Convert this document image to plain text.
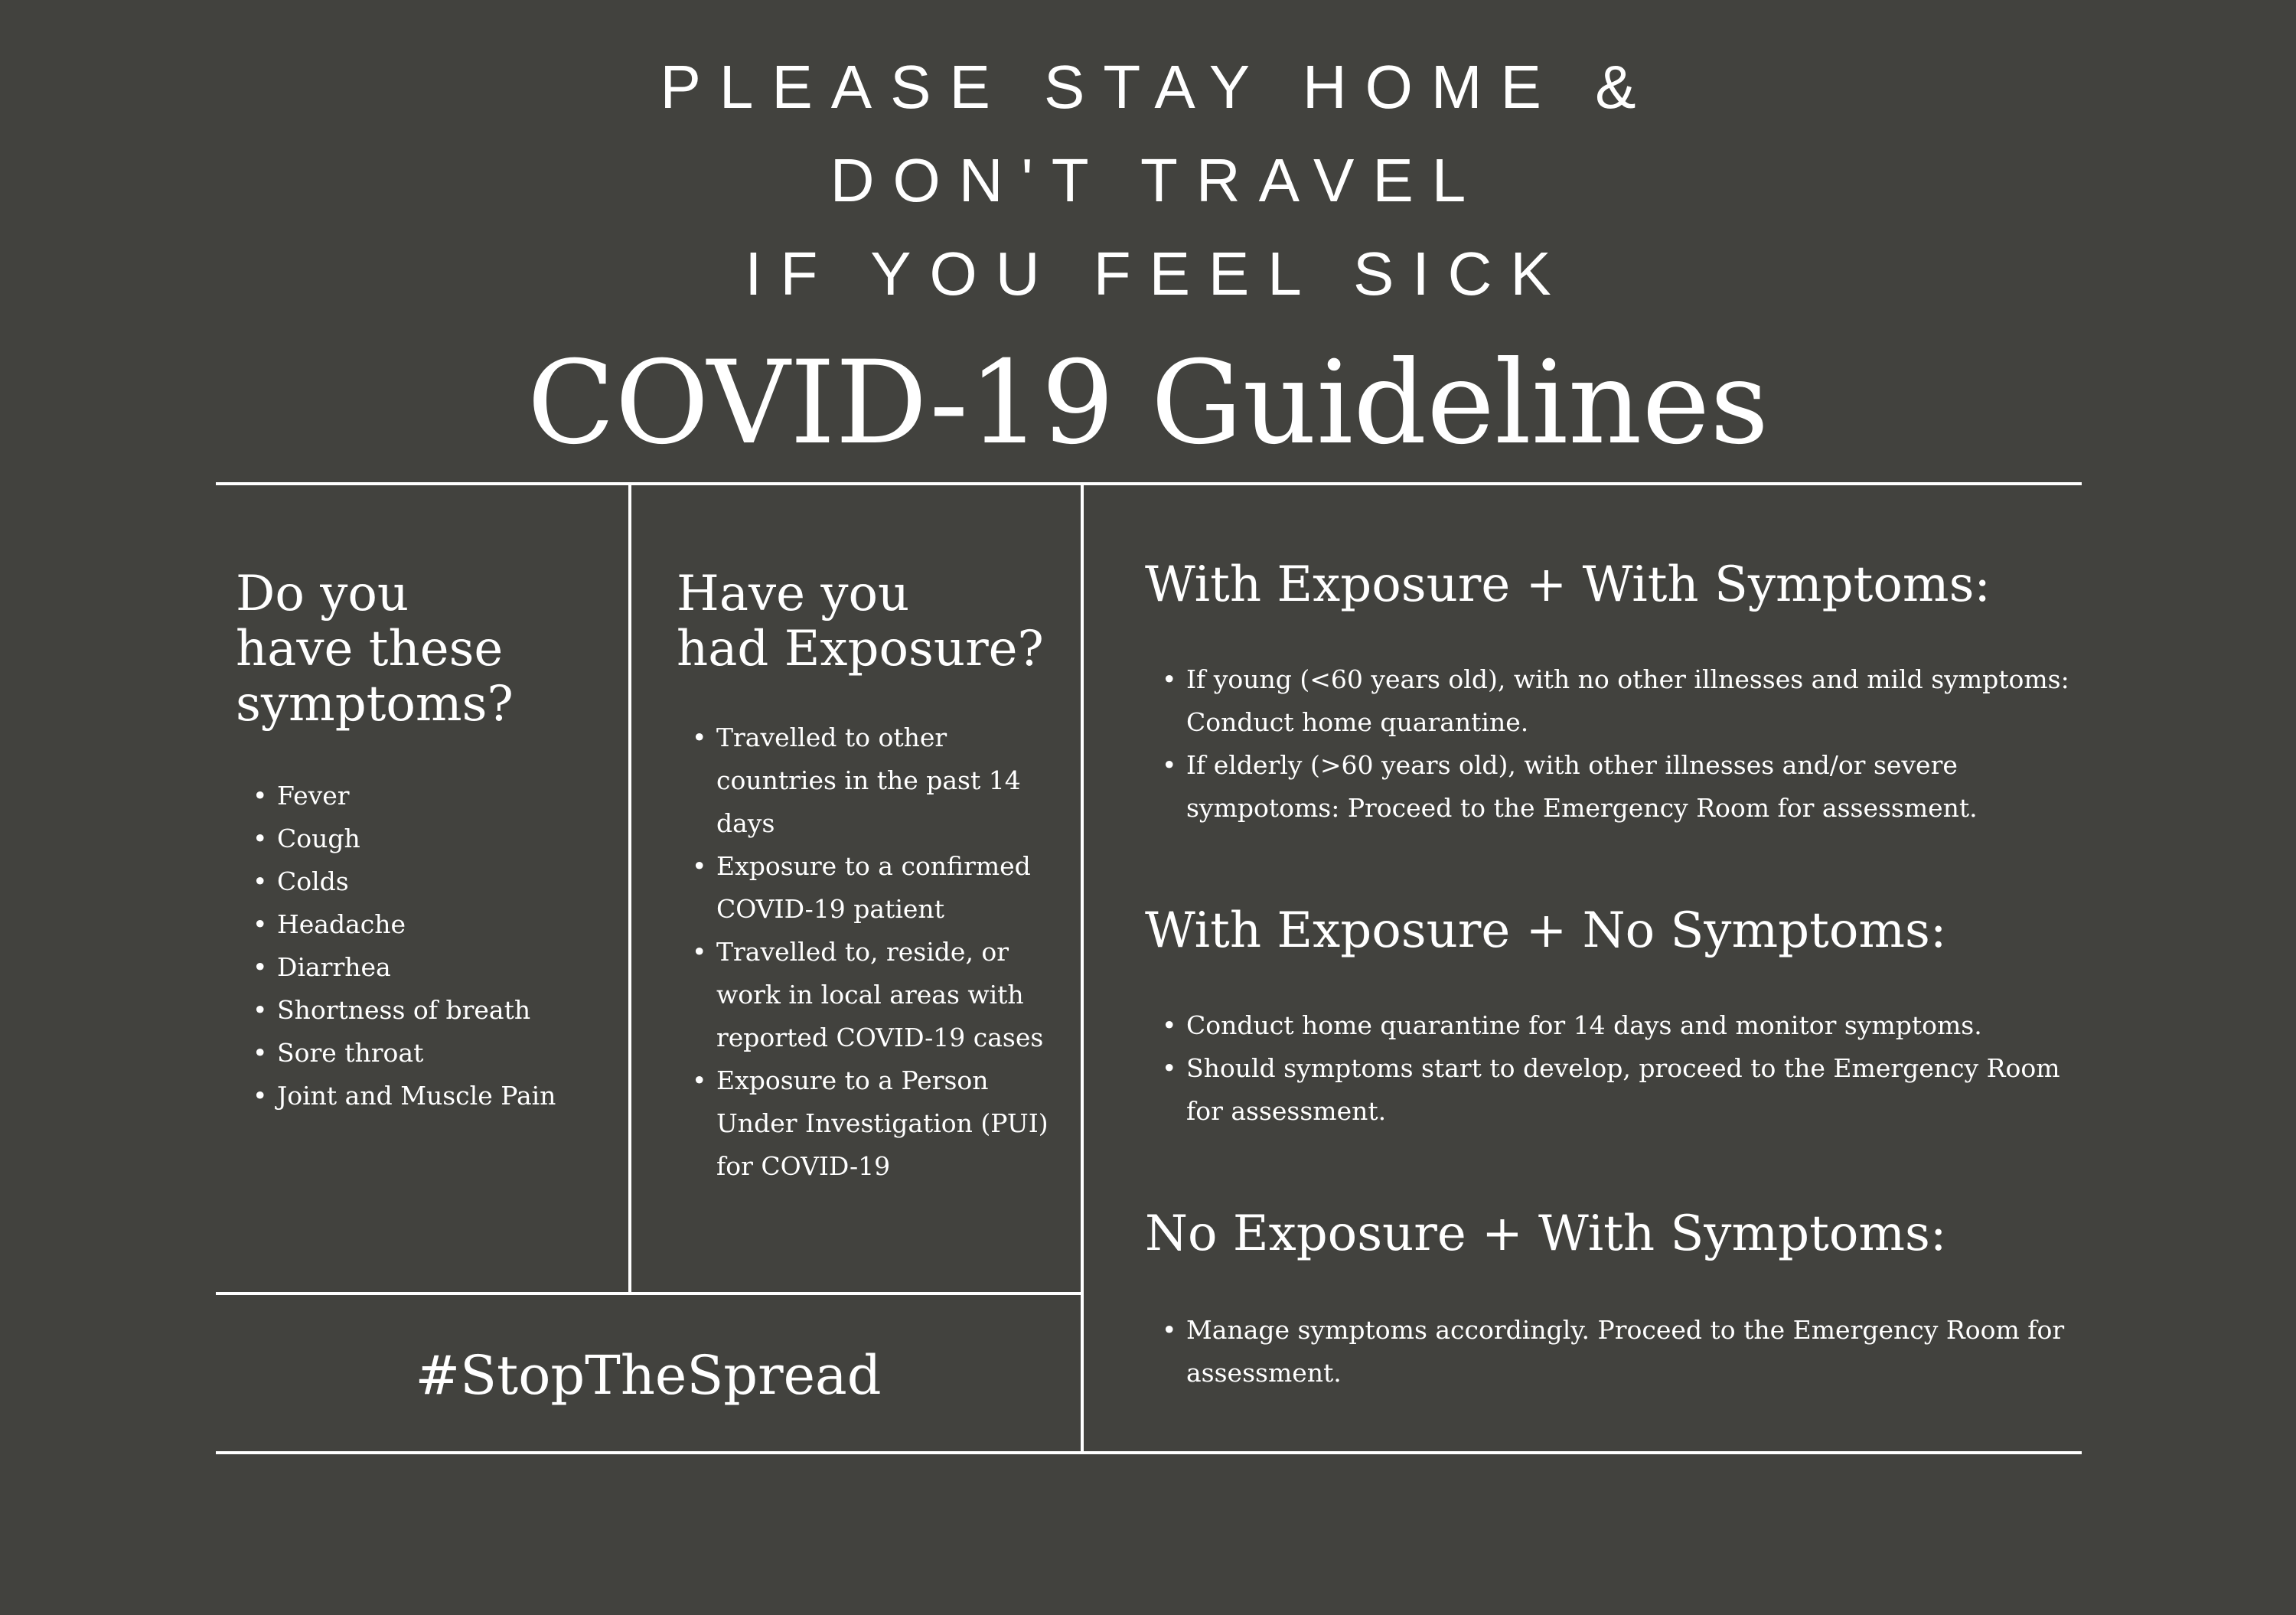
PLEASE STAY HOME &
DON'T TRAVEL
IF YOU FEEL SICK
COVID-19 Guidelines
Do you
have these
symptoms?
• Fever
• Cough
• Colds
• Headache
• Diarrhea
• Shortness of breath
• Sore throat
• Joint and Muscle Pain
Have you
had Exposure?
• Travelled to other
countries in the past 14
days
• Exposure to a confirmed
COVID-19 patient
• Travelled to, reside, or
work in local areas with
reported COVID-19 cases
• Exposure to a Person
Under Investigation (PUI)
for COVID-19
With Exposure + With Symptoms:
• If young (<60 years old), with no other illnesses and mild symptoms:
Conduct home quarantine.
• If elderly (>60 years old), with other illnesses and/or severe
sympotoms: Proceed to the Emergency Room for assessment.
With Exposure + No Symptoms:
• Conduct home quarantine for 14 days and monitor symptoms.
• Should symptoms start to develop, proceed to the Emergency Room
for assessment.
No Exposure + With Symptoms:
• Manage symptoms accordingly. Proceed to the Emergency Room for
assessment.
#StopTheSpread
